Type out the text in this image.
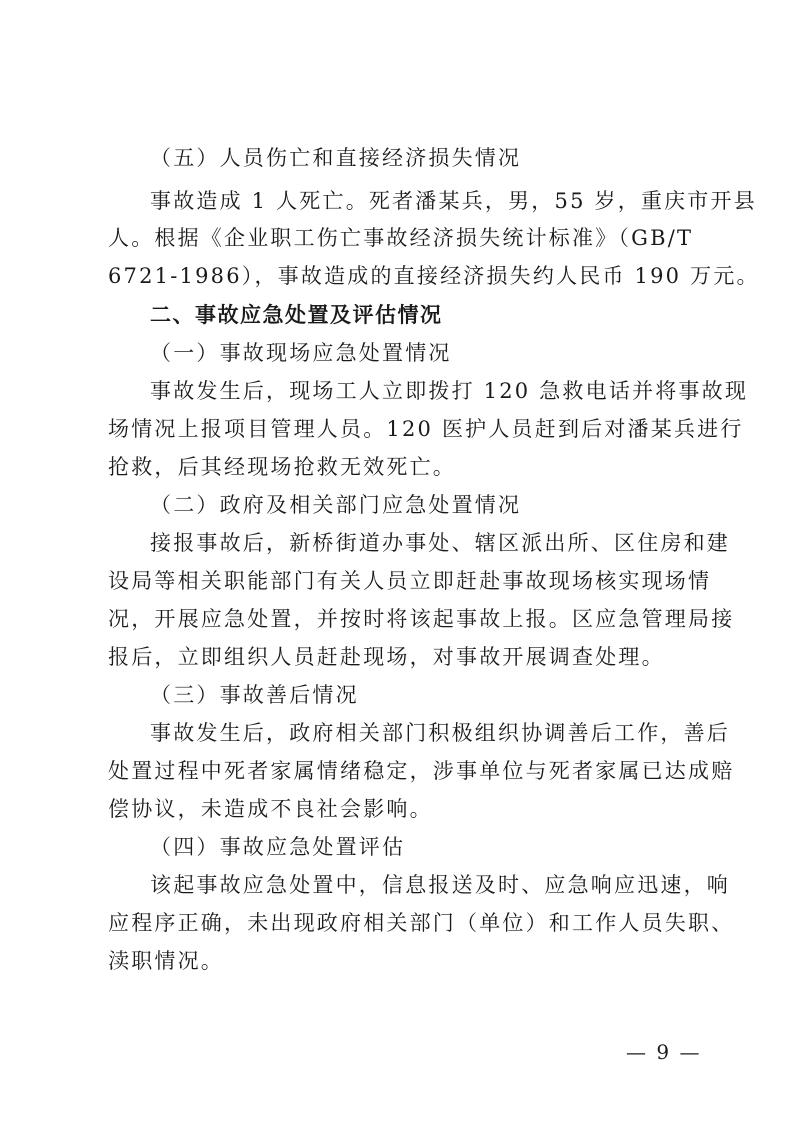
（五）人员伤亡和直接经济损失情况
事故造成 1 人死亡。死者潘某兵，男，55 岁，重庆市开县
人。根据《企业职工伤亡事故经济损失统计标准》（GB/T
6721-1986），事故造成的直接经济损失约人民币 190 万元。
二、事故应急处置及评估情况
（一）事故现场应急处置情况
事故发生后，现场工人立即拨打 120 急救电话并将事故现
场情况上报项目管理人员。120 医护人员赶到后对潘某兵进行
抢救，后其经现场抢救无效死亡。
（二）政府及相关部门应急处置情况
接报事故后，新桥街道办事处、辖区派出所、区住房和建
设局等相关职能部门有关人员立即赶赴事故现场核实现场情
况，开展应急处置，并按时将该起事故上报。区应急管理局接
报后，立即组织人员赶赴现场，对事故开展调查处理。
（三）事故善后情况
事故发生后，政府相关部门积极组织协调善后工作，善后
处置过程中死者家属情绪稳定，涉事单位与死者家属已达成赔
偿协议，未造成不良社会影响。
（四）事故应急处置评估
该起事故应急处置中，信息报送及时、应急响应迅速，响
应程序正确，未出现政府相关部门（单位）和工作人员失职、
渎职情况。
— 9 —
